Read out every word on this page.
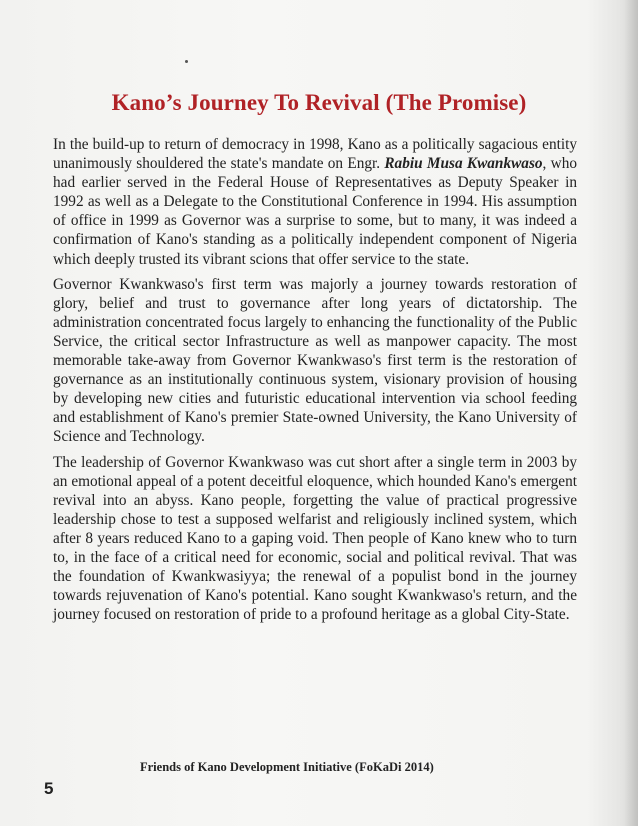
Kano’s Journey To Revival (The Promise)

In the build-up to return of democracy in 1998, Kano as a politically sagacious entity unanimously shouldered the state's mandate on Engr. Rabiu Musa Kwankwaso, who had earlier served in the Federal House of Representatives as Deputy Speaker in 1992 as well as a Delegate to the Constitutional Conference in 1994. His assumption of office in 1999 as Governor was a surprise to some, but to many, it was indeed a confirmation of Kano's standing as a politically independent component of Nigeria which deeply trusted its vibrant scions that offer service to the state.

Governor Kwankwaso's first term was majorly a journey towards restoration of glory, belief and trust to governance after long years of dictatorship. The administration concentrated focus largely to enhancing the functionality of the Public Service, the critical sector Infrastructure as well as manpower capacity. The most memorable take-away from Governor Kwankwaso's first term is the restoration of governance as an institutionally continuous system, visionary provision of housing by developing new cities and futuristic educational intervention via school feeding and establishment of Kano's premier State-owned University, the Kano University of Science and Technology.

The leadership of Governor Kwankwaso was cut short after a single term in 2003 by an emotional appeal of a potent deceitful eloquence, which hounded Kano's emergent revival into an abyss. Kano people, forgetting the value of practical progressive leadership chose to test a supposed welfarist and religiously inclined system, which after 8 years reduced Kano to a gaping void. Then people of Kano knew who to turn to, in the face of a critical need for economic, social and political revival. That was the foundation of Kwankwasiyya; the renewal of a populist bond in the journey towards rejuvenation of Kano's potential. Kano sought Kwankwaso's return, and the journey focused on restoration of pride to a profound heritage as a global City-State.

Friends of Kano Development Initiative (FoKaDi 2014)
5
